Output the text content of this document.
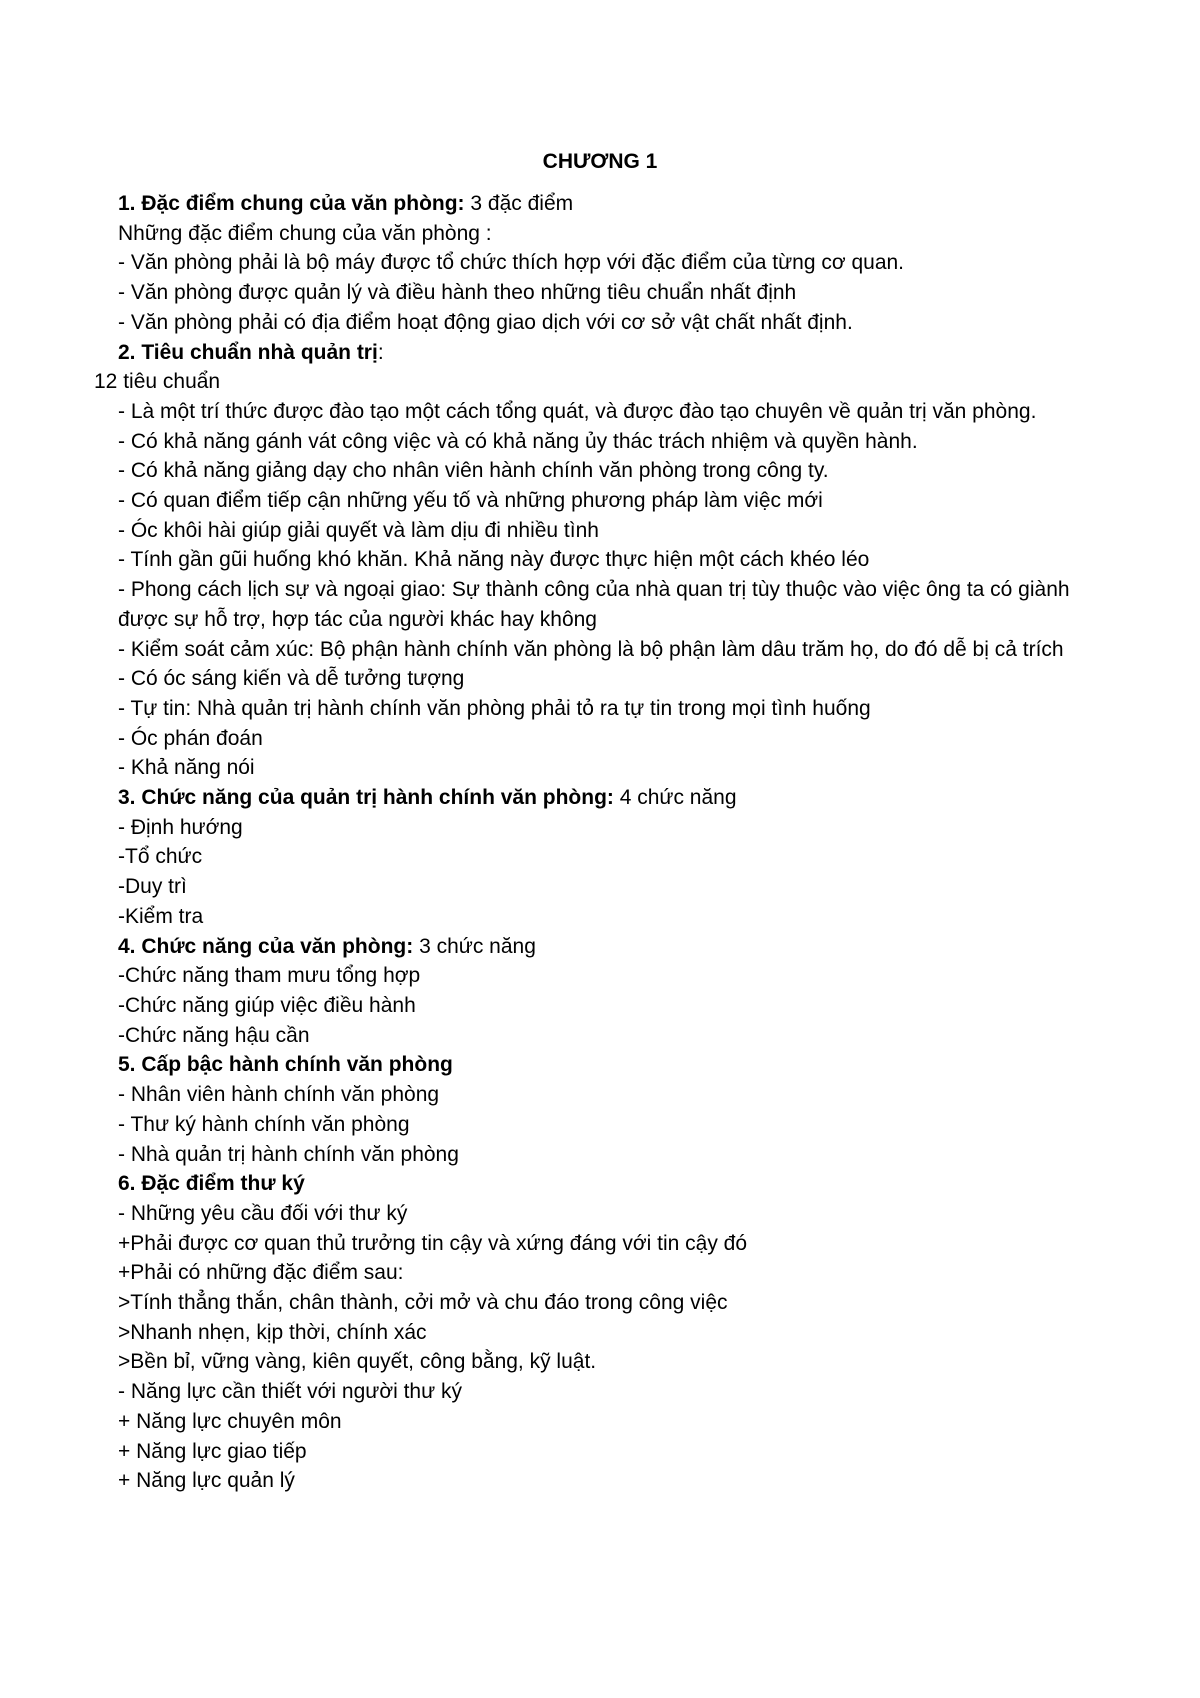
CHƯƠNG 1
1. Đặc điểm chung của văn phòng: 3 đặc điểm
Những đặc điểm chung của văn phòng :
- Văn phòng phải là bộ máy được tổ chức thích hợp với đặc điểm của từng cơ quan.
- Văn phòng được quản lý và điều hành theo những tiêu chuẩn nhất định
- Văn phòng phải có địa điểm hoạt động giao dịch với cơ sở vật chất nhất định.
2. Tiêu chuẩn nhà quản trị:
12 tiêu chuẩn
- Là một trí thức được đào tạo một cách tổng quát, và được đào tạo chuyên về quản trị văn phòng.
- Có khả năng gánh vát công việc và có khả năng ủy thác trách nhiệm và quyền hành.
- Có khả năng giảng dạy cho nhân viên hành chính văn phòng trong công ty.
- Có quan điểm tiếp cận những yếu tố và những phương pháp làm việc mới
- Óc khôi hài giúp giải quyết và làm dịu đi nhiều tình
- Tính gần gũi huống khó khăn. Khả năng này được thực hiện một cách khéo léo
- Phong cách lịch sự và ngoại giao: Sự thành công của nhà quan trị tùy thuộc vào việc ông ta có giành được sự hỗ trợ, hợp tác của người khác hay không
- Kiểm soát cảm xúc: Bộ phận hành chính văn phòng là bộ phận làm dâu trăm họ, do đó dễ bị cả trích
- Có óc sáng kiến và dễ tưởng tượng
- Tự tin: Nhà quản trị hành chính văn phòng phải tỏ ra tự tin trong mọi tình huống
- Óc phán đoán
- Khả năng nói
3. Chức năng của quản trị hành chính văn phòng: 4 chức năng
- Định hướng
-Tổ chức
-Duy trì
-Kiểm tra
4. Chức năng của văn phòng: 3 chức năng
-Chức năng tham mưu tổng hợp
-Chức năng giúp việc điều hành
-Chức năng hậu cần
5. Cấp bậc hành chính văn phòng
- Nhân viên hành chính văn phòng
- Thư ký hành chính văn phòng
- Nhà quản trị hành chính văn phòng
6. Đặc điểm thư ký
- Những yêu cầu đối với thư ký
+Phải được cơ quan thủ trưởng tin cậy và xứng đáng với tin cậy đó
+Phải có những đặc điểm sau:
>Tính thẳng thắn, chân thành, cởi mở và chu đáo trong công việc
>Nhanh nhẹn, kịp thời, chính xác
>Bền bỉ, vững vàng, kiên quyết, công bằng, kỹ luật.
- Năng lực cần thiết với người thư ký
+ Năng lực chuyên môn
+ Năng lực giao tiếp
+ Năng lực quản lý
